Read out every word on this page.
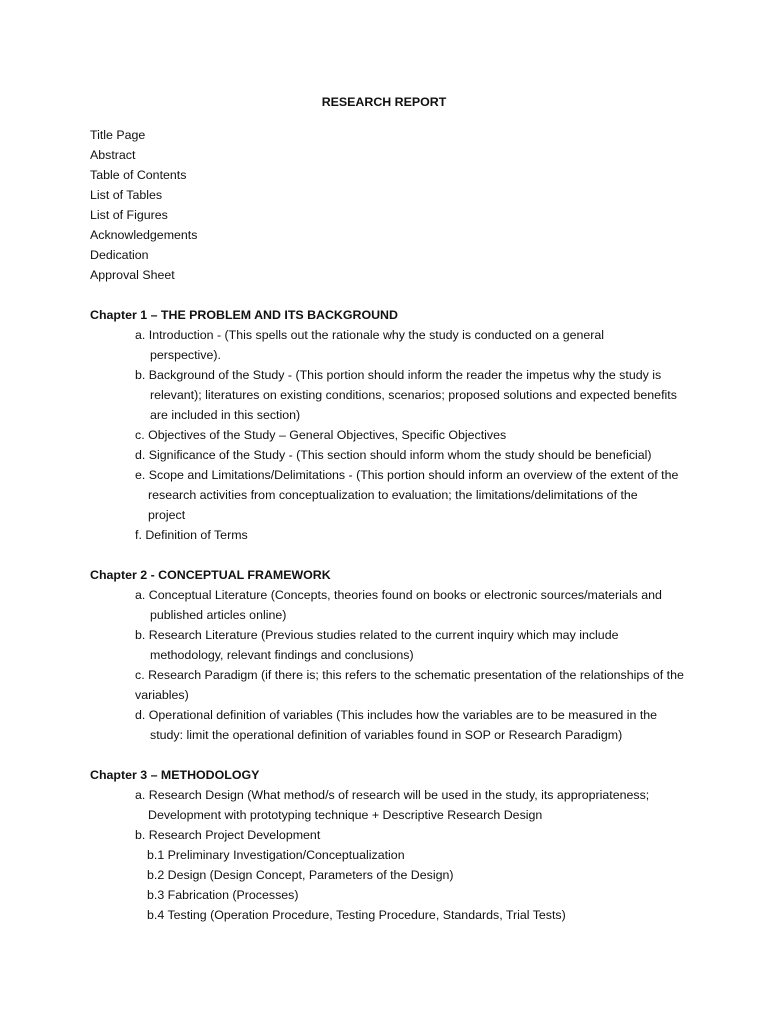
RESEARCH REPORT
Title Page
Abstract
Table of Contents
List of Tables
List of Figures
Acknowledgements
Dedication
Approval Sheet
Chapter 1 – THE PROBLEM AND ITS BACKGROUND
a. Introduction - (This spells out the rationale why the study is conducted on a general
perspective).
b. Background of the Study - (This portion should inform the reader the impetus why the study is
relevant); literatures on existing conditions, scenarios; proposed solutions and expected benefits
are included in this section)
c. Objectives of the Study – General Objectives, Specific Objectives
d. Significance of the Study - (This section should inform whom the study should be beneficial)
e. Scope and Limitations/Delimitations - (This portion should inform an overview of the extent of the
research activities from conceptualization to evaluation; the limitations/delimitations of the
project
f. Definition of Terms
Chapter 2 - CONCEPTUAL FRAMEWORK
a. Conceptual Literature (Concepts, theories found on books or electronic sources/materials and
published articles online)
b. Research Literature (Previous studies related to the current inquiry which may include
methodology, relevant findings and conclusions)
c. Research Paradigm (if there is; this refers to the schematic presentation of the relationships of the
variables)
d. Operational definition of variables (This includes how the variables are to be measured in the
study: limit the operational definition of variables found in SOP or Research Paradigm)
Chapter 3 – METHODOLOGY
a. Research Design (What method/s of research will be used in the study, its appropriateness;
Development with prototyping technique + Descriptive Research Design
b. Research Project Development
b.1 Preliminary Investigation/Conceptualization
b.2 Design (Design Concept, Parameters of the Design)
b.3 Fabrication (Processes)
b.4 Testing (Operation Procedure, Testing Procedure, Standards, Trial Tests)
